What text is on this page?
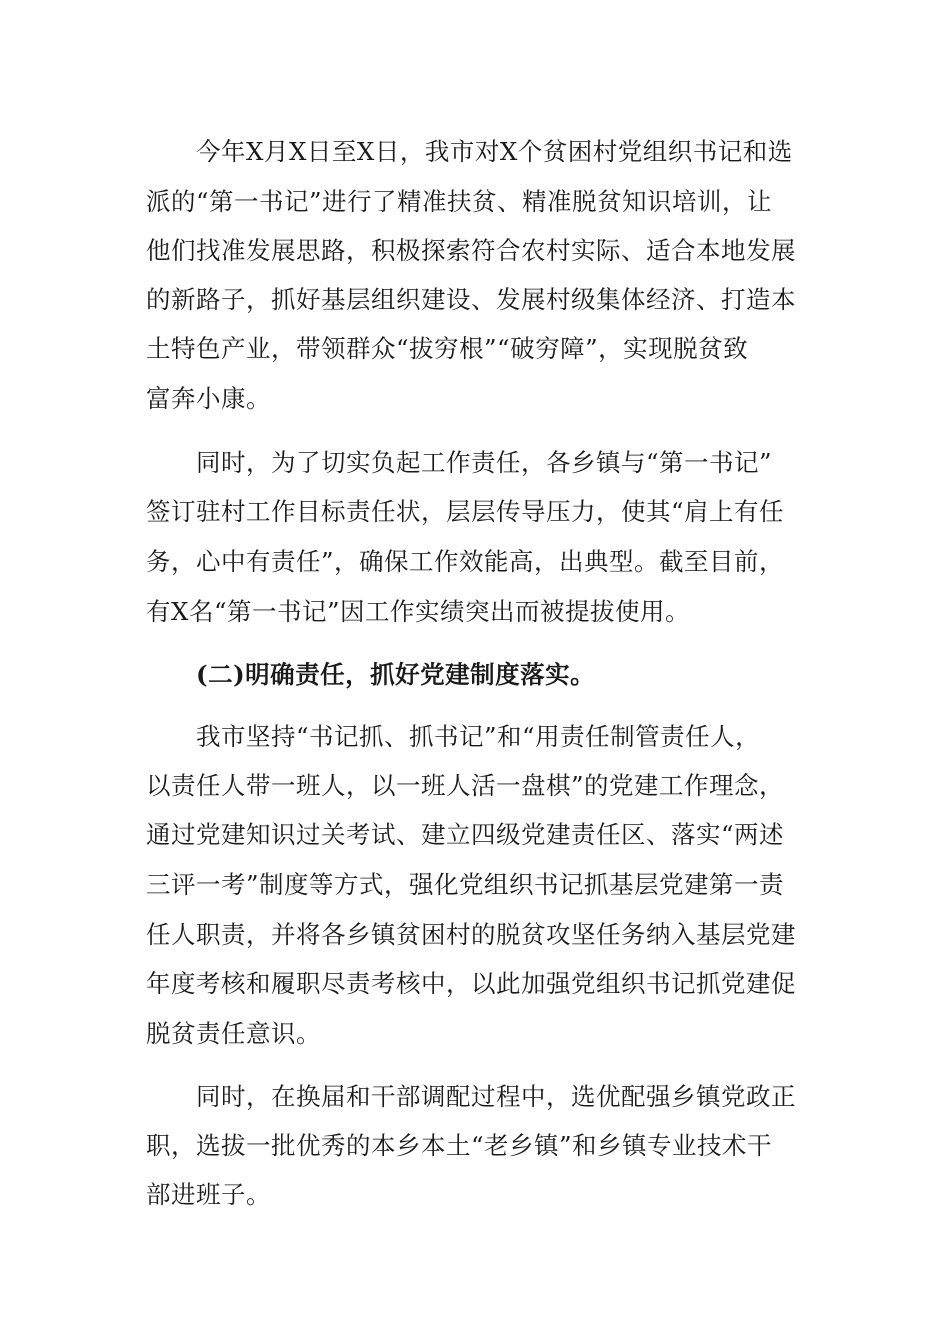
今年X月X日至X日，我市对X个贫困村党组织书记和选
派的“第一书记”进行了精准扶贫、精准脱贫知识培训，让
他们找准发展思路，积极探索符合农村实际、适合本地发展
的新路子，抓好基层组织建设、发展村级集体经济、打造本
土特色产业，带领群众“拔穷根”“破穷障”，实现脱贫致
富奔小康。
同时，为了切实负起工作责任，各乡镇与“第一书记”
签订驻村工作目标责任状，层层传导压力，使其“肩上有任
务，心中有责任”，确保工作效能高，出典型。截至目前，
有X名“第一书记”因工作实绩突出而被提拔使用。
(二)明确责任，抓好党建制度落实。
我市坚持“书记抓、抓书记”和“用责任制管责任人，
以责任人带一班人，以一班人活一盘棋”的党建工作理念，
通过党建知识过关考试、建立四级党建责任区、落实“两述
三评一考”制度等方式，强化党组织书记抓基层党建第一责
任人职责，并将各乡镇贫困村的脱贫攻坚任务纳入基层党建
年度考核和履职尽责考核中，以此加强党组织书记抓党建促
脱贫责任意识。
同时，在换届和干部调配过程中，选优配强乡镇党政正
职，选拔一批优秀的本乡本土“老乡镇”和乡镇专业技术干
部进班子。
